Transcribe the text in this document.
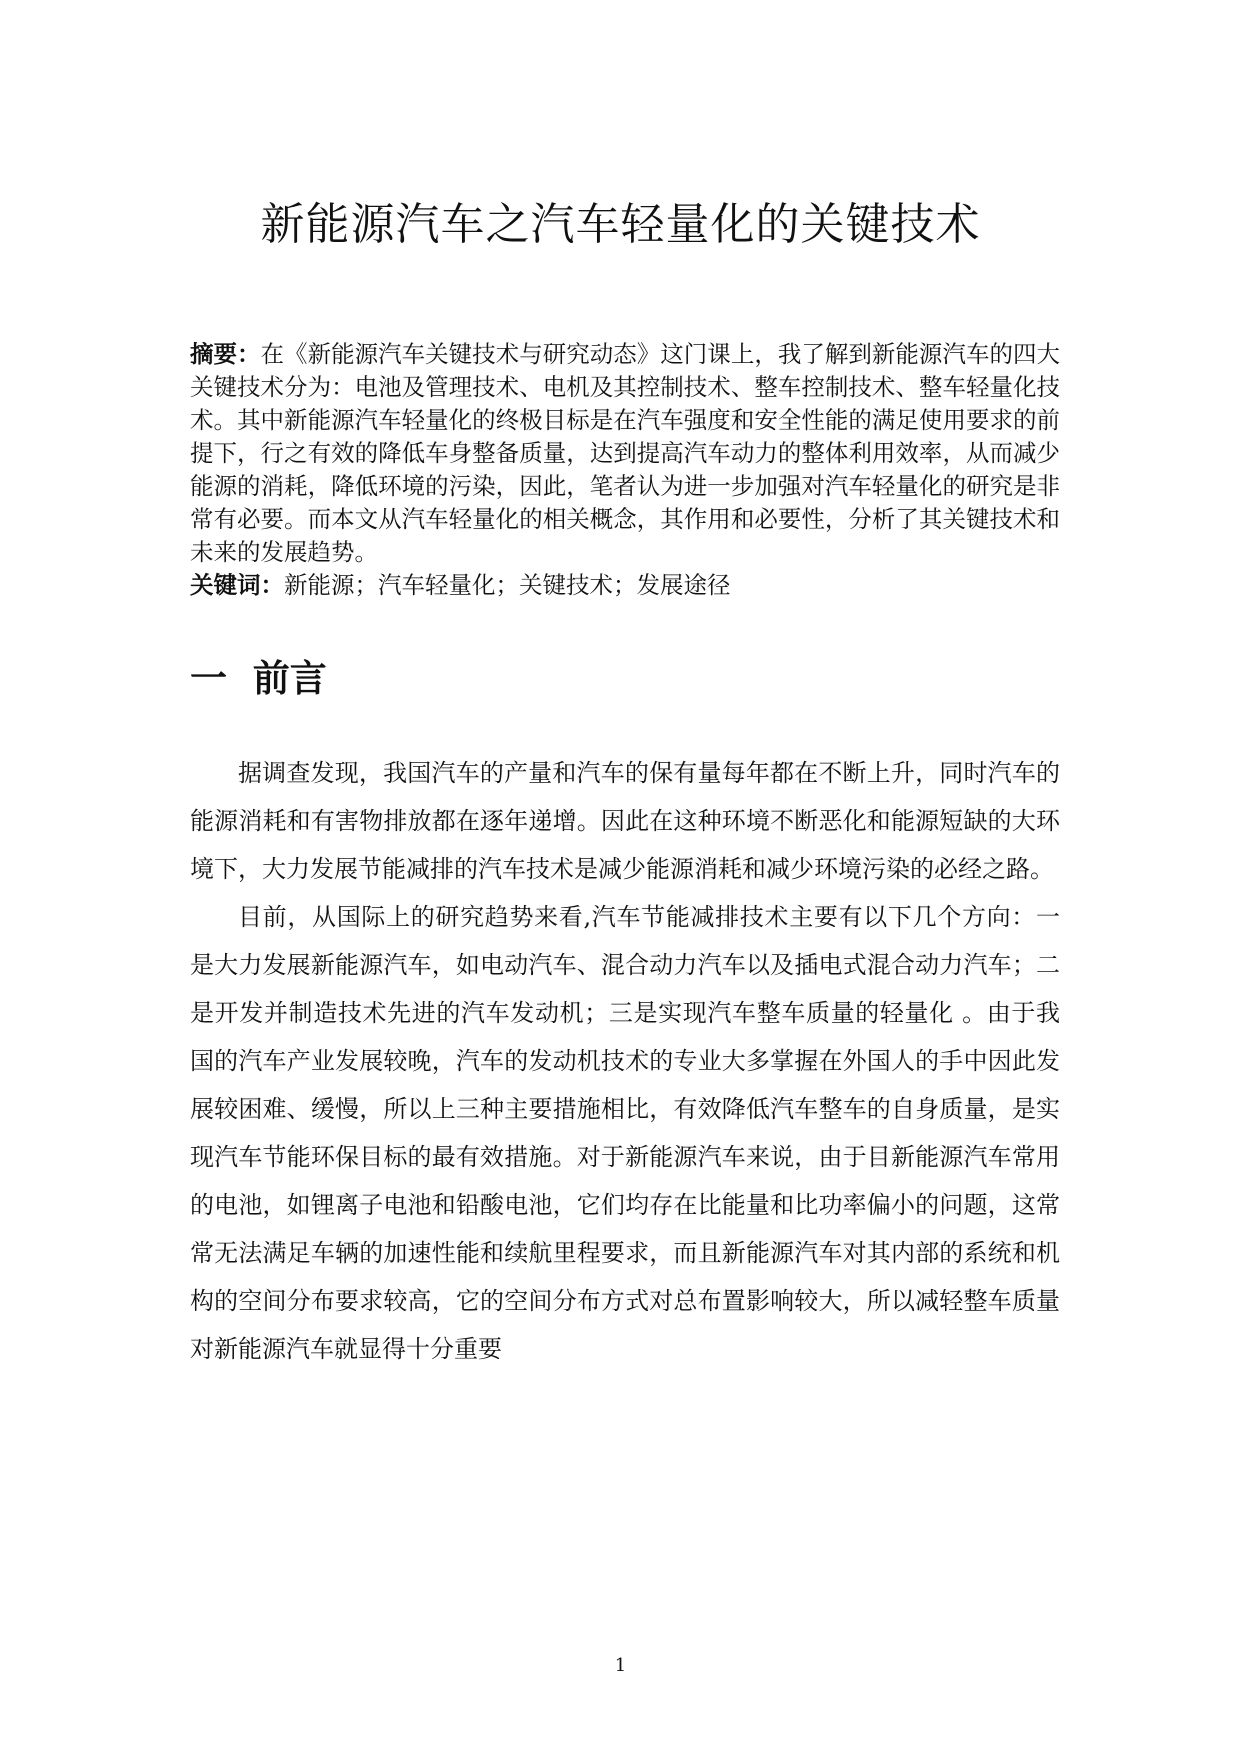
新能源汽车之汽车轻量化的关键技术
摘要：在《新能源汽车关键技术与研究动态》这门课上，我了解到新能源汽车的四大关键技术分为：电池及管理技术、电机及其控制技术、整车控制技术、整车轻量化技术。其中新能源汽车轻量化的终极目标是在汽车强度和安全性能的满足使用要求的前提下，行之有效的降低车身整备质量，达到提高汽车动力的整体利用效率，从而减少能源的消耗，降低环境的污染，因此，笔者认为进一步加强对汽车轻量化的研究是非常有必要。而本文从汽车轻量化的相关概念，其作用和必要性，分析了其关键技术和未来的发展趋势。
关键词：新能源；汽车轻量化；关键技术；发展途径
一  前言

据调查发现，我国汽车的产量和汽车的保有量每年都在不断上升，同时汽车的能源消耗和有害物排放都在逐年递增。因此在这种环境不断恶化和能源短缺的大环境下，大力发展节能减排的汽车技术是减少能源消耗和减少环境污染的必经之路。

目前，从国际上的研究趋势来看,汽车节能减排技术主要有以下几个方向：一是大力发展新能源汽车，如电动汽车、混合动力汽车以及插电式混合动力汽车；二是开发并制造技术先进的汽车发动机；三是实现汽车整车质量的轻量化 。由于我国的汽车产业发展较晚，汽车的发动机技术的专业大多掌握在外国人的手中因此发展较困难、缓慢，所以上三种主要措施相比，有效降低汽车整车的自身质量，是实现汽车节能环保目标的最有效措施。对于新能源汽车来说，由于目新能源汽车常用的电池，如锂离子电池和铅酸电池，它们均存在比能量和比功率偏小的问题，这常常无法满足车辆的加速性能和续航里程要求，而且新能源汽车对其内部的系统和机构的空间分布要求较高，它的空间分布方式对总布置影响较大，所以减轻整车质量对新能源汽车就显得十分重要

1
